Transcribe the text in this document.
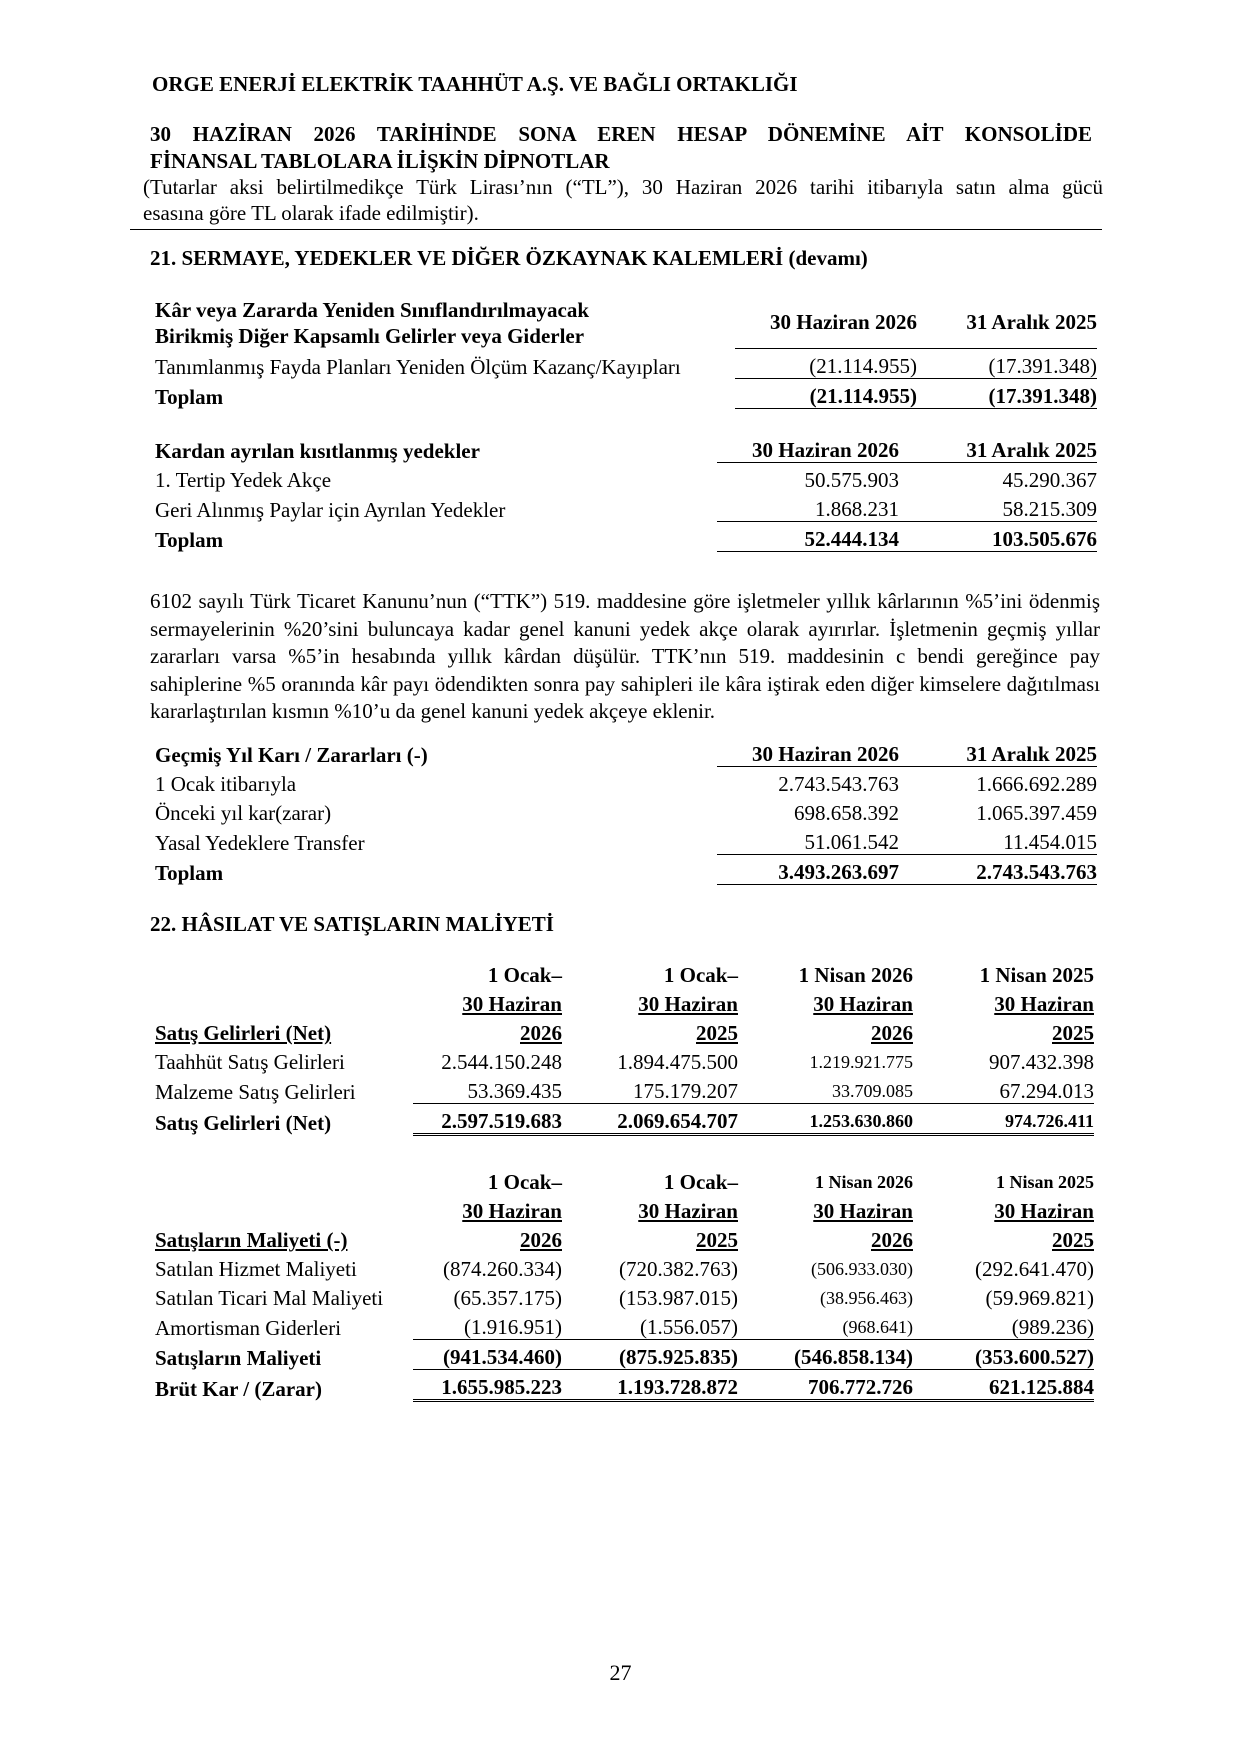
ORGE ENERJİ ELEKTRİK TAAHHÜT A.Ş. VE BAĞLI ORTAKLIĞI
30 HAZİRAN 2026 TARİHİNDE SONA EREN HESAP DÖNEMİNE AİT KONSOLİDE
FİNANSAL TABLOLARA İLİŞKİN DİPNOTLAR
(Tutarlar aksi belirtilmedikçe Türk Lirası’nın (“TL”), 30 Haziran 2026 tarihi itibarıyla satın alma gücü
esasına göre TL olarak ifade edilmiştir).
21. SERMAYE, YEDEKLER VE DİĞER ÖZKAYNAK KALEMLERİ (devamı)
Kâr veya Zararda Yeniden Sınıflandırılmayacak
Birikmiş Diğer Kapsamlı Gelirler veya Giderler	30 Haziran 2026	31 Aralık 2025
Tanımlanmış Fayda Planları Yeniden Ölçüm Kazanç/Kayıpları	(21.114.955)	(17.391.348)
Toplam	(21.114.955)	(17.391.348)
Kardan ayrılan kısıtlanmış yedekler	30 Haziran 2026	31 Aralık 2025
1. Tertip Yedek Akçe	50.575.903	45.290.367
Geri Alınmış Paylar için Ayrılan Yedekler	1.868.231	58.215.309
Toplam	52.444.134	103.505.676
6102 sayılı Türk Ticaret Kanunu’nun (“TTK”) 519. maddesine göre işletmeler yıllık kârlarının %5’ini ödenmiş sermayelerinin %20’sini buluncaya kadar genel kanuni yedek akçe olarak ayırırlar. İşletmenin geçmiş yıllar zararları varsa %5’in hesabında yıllık kârdan düşülür. TTK’nın 519. maddesinin c bendi gereğince pay sahiplerine %5 oranında kâr payı ödendikten sonra pay sahipleri ile kâra iştirak eden diğer kimselere dağıtılması kararlaştırılan kısmın %10’u da genel kanuni yedek akçeye eklenir.
Geçmiş Yıl Karı / Zararları (-)	30 Haziran 2026	31 Aralık 2025
1 Ocak itibarıyla	2.743.543.763	1.666.692.289
Önceki yıl kar(zarar)	698.658.392	1.065.397.459
Yasal Yedeklere Transfer	51.061.542	11.454.015
Toplam	3.493.263.697	2.743.543.763
22. HÂSILAT VE SATIŞLARIN MALİYETİ
	1 Ocak–	1 Ocak–	1 Nisan 2026	1 Nisan 2025
	30 Haziran	30 Haziran	30 Haziran	30 Haziran
Satış Gelirleri (Net)	2026	2025	2026	2025
Taahhüt Satış Gelirleri	2.544.150.248	1.894.475.500	1.219.921.775	907.432.398
Malzeme Satış Gelirleri	53.369.435	175.179.207	33.709.085	67.294.013
Satış Gelirleri (Net)	2.597.519.683	2.069.654.707	1.253.630.860	974.726.411
	1 Ocak–	1 Ocak–	1 Nisan 2026	1 Nisan 2025
	30 Haziran	30 Haziran	30 Haziran	30 Haziran
Satışların Maliyeti (-)	2026	2025	2026	2025
Satılan Hizmet Maliyeti	(874.260.334)	(720.382.763)	(506.933.030)	(292.641.470)
Satılan Ticari Mal Maliyeti	(65.357.175)	(153.987.015)	(38.956.463)	(59.969.821)
Amortisman Giderleri	(1.916.951)	(1.556.057)	(968.641)	(989.236)
Satışların Maliyeti	(941.534.460)	(875.925.835)	(546.858.134)	(353.600.527)
Brüt Kar / (Zarar)	1.655.985.223	1.193.728.872	706.772.726	621.125.884
27
